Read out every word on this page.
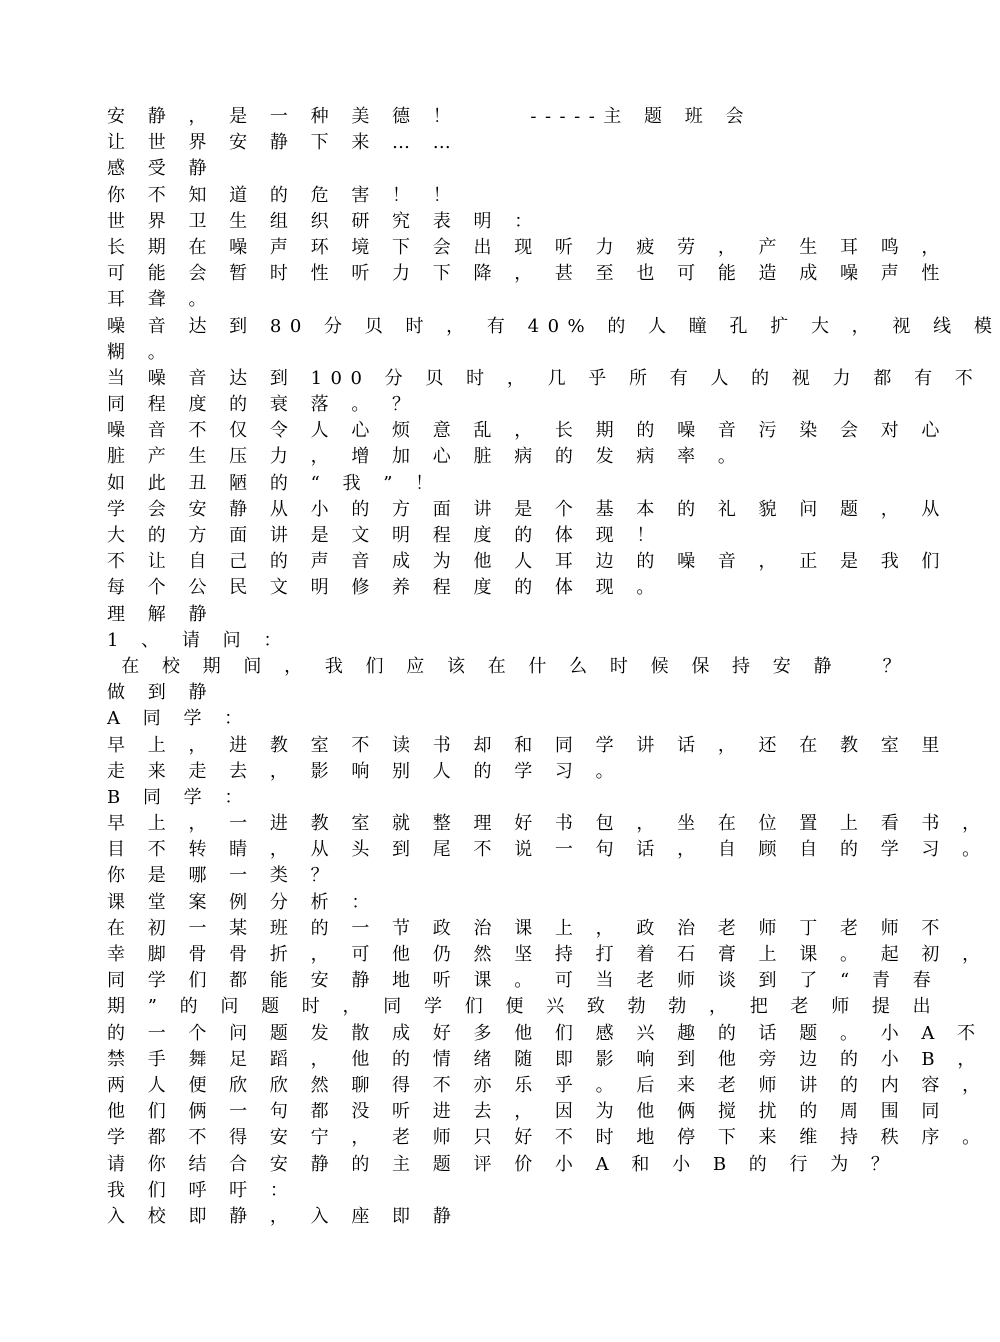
安 静 ， 是 一 种 美 德 ！     -----主 题 班 会
让 世 界 安 静 下 来 … …
感 受 静
你 不 知 道 的 危 害 ！ ！
世 界 卫 生 组 织 研 究 表 明 ：
长 期 在 噪 声 环 境 下 会 出 现 听 力 疲 劳 ， 产 生 耳 鸣 ，
可 能 会 暂 时 性 听 力 下 降 ， 甚 至 也 可 能 造 成 噪 声 性
耳 聋 。
噪 音 达 到 80 分 贝 时 ， 有 40% 的 人 瞳 孔 扩 大 ， 视 线 模
糊 。
当 噪 音 达 到 100 分 贝 时 ， 几 乎 所 有 人 的 视 力 都 有 不
同 程 度 的 衰 落 。 ？
噪 音 不 仅 令 人 心 烦 意 乱 ， 长 期 的 噪 音 污 染 会 对 心
脏 产 生 压 力 ， 增 加 心 脏 病 的 发 病 率 。
如 此 丑 陋 的 “ 我 ” ！
学 会 安 静 从 小 的 方 面 讲 是 个 基 本 的 礼 貌 问 题 ， 从
大 的 方 面 讲 是 文 明 程 度 的 体 现 ！
不 让 自 己 的 声 音 成 为 他 人 耳 边 的 噪 音 ， 正 是 我 们
每 个 公 民 文 明 修 养 程 度 的 体 现 。
理 解 静
1 、 请 问 ：
在 校 期 间 ， 我 们 应 该 在 什 么 时 候 保 持 安 静   ？
做 到 静
A 同 学 ：
早 上 ， 进 教 室 不 读 书 却 和 同 学 讲 话 ， 还 在 教 室 里
走 来 走 去 ， 影 响 别 人 的 学 习 。
B 同 学 ：
早 上 ， 一 进 教 室 就 整 理 好 书 包 ， 坐 在 位 置 上 看 书 ，
目 不 转 睛 ， 从 头 到 尾 不 说 一 句 话 ， 自 顾 自 的 学 习 。
你 是 哪 一 类 ？
课 堂 案 例 分 析 ：
在 初 一 某 班 的 一 节 政 治 课 上 ， 政 治 老 师 丁 老 师 不
幸 脚 骨 骨 折 ， 可 他 仍 然 坚 持 打 着 石 膏 上 课 。 起 初 ，
同 学 们 都 能 安 静 地 听 课 。 可 当 老 师 谈 到 了 “ 青 春
期 ” 的 问 题 时 ， 同 学 们 便 兴 致 勃 勃 ， 把 老 师 提 出
的 一 个 问 题 发 散 成 好 多 他 们 感 兴 趣 的 话 题 。 小 A 不
禁 手 舞 足 蹈 ， 他 的 情 绪 随 即 影 响 到 他 旁 边 的 小 B ，
两 人 便 欣 欣 然 聊 得 不 亦 乐 乎 。 后 来 老 师 讲 的 内 容 ，
他 们 俩 一 句 都 没 听 进 去 ， 因 为 他 俩 搅 扰 的 周 围 同
学 都 不 得 安 宁 ， 老 师 只 好 不 时 地 停 下 来 维 持 秩 序 。
请 你 结 合 安 静 的 主 题 评 价 小 A 和 小 B 的 行 为 ？
我 们 呼 吁 ：
入 校 即 静 ， 入 座 即 静
